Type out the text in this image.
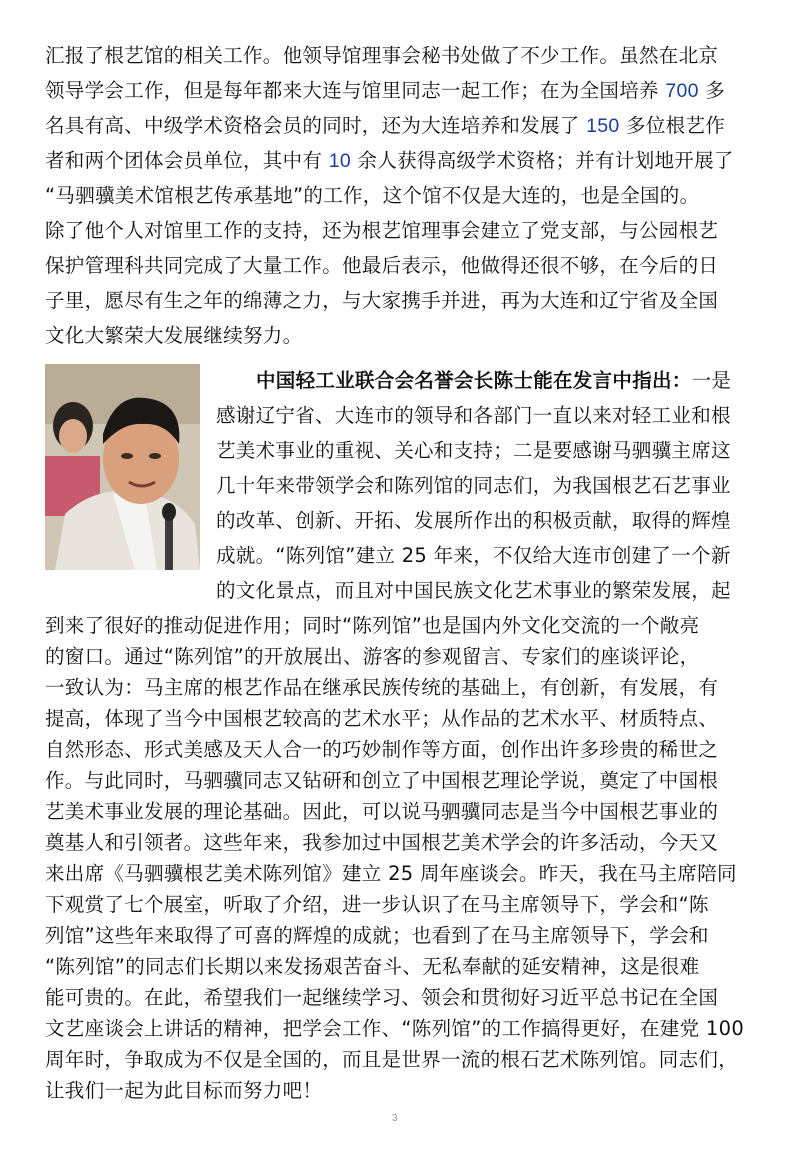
汇报了根艺馆的相关工作。他领导馆理事会秘书处做了不少工作。虽然在北京
领导学会工作，但是每年都来大连与馆里同志一起工作；在为全国培养 700 多
名具有高、中级学术资格会员的同时，还为大连培养和发展了 150 多位根艺作
者和两个团体会员单位，其中有 10 余人获得高级学术资格；并有计划地开展了
“马驷骥美术馆根艺传承基地”的工作，这个馆不仅是大连的，也是全国的。
除了他个人对馆里工作的支持，还为根艺馆理事会建立了党支部，与公园根艺
保护管理科共同完成了大量工作。他最后表示，他做得还很不够，在今后的日
子里，愿尽有生之年的绵薄之力，与大家携手并进，再为大连和辽宁省及全国
文化大繁荣大发展继续努力。
中国轻工业联合会名誉会长陈士能在发言中指出：一是
感谢辽宁省、大连市的领导和各部门一直以来对轻工业和根
艺美术事业的重视、关心和支持；二是要感谢马驷骥主席这
几十年来带领学会和陈列馆的同志们，为我国根艺石艺事业
的改革、创新、开拓、发展所作出的积极贡献，取得的辉煌
成就。“陈列馆”建立 25 年来，不仅给大连市创建了一个新
的文化景点，而且对中国民族文化艺术事业的繁荣发展，起
到来了很好的推动促进作用；同时“陈列馆”也是国内外文化交流的一个敞亮
的窗口。通过“陈列馆”的开放展出、游客的参观留言、专家们的座谈评论，
一致认为：马主席的根艺作品在继承民族传统的基础上，有创新，有发展，有
提高，体现了当今中国根艺较高的艺术水平；从作品的艺术水平、材质特点、
自然形态、形式美感及天人合一的巧妙制作等方面，创作出许多珍贵的稀世之
作。与此同时，马驷骥同志又钻研和创立了中国根艺理论学说，奠定了中国根
艺美术事业发展的理论基础。因此，可以说马驷骥同志是当今中国根艺事业的
奠基人和引领者。这些年来，我参加过中国根艺美术学会的许多活动，今天又
来出席《马驷骥根艺美术陈列馆》建立 25 周年座谈会。昨天，我在马主席陪同
下观赏了七个展室，听取了介绍，进一步认识了在马主席领导下，学会和“陈
列馆”这些年来取得了可喜的辉煌的成就；也看到了在马主席领导下，学会和
“陈列馆”的同志们长期以来发扬艰苦奋斗、无私奉献的延安精神，这是很难
能可贵的。在此，希望我们一起继续学习、领会和贯彻好习近平总书记在全国
文艺座谈会上讲话的精神，把学会工作、“陈列馆”的工作搞得更好，在建党 100
周年时，争取成为不仅是全国的，而且是世界一流的根石艺术陈列馆。同志们，
让我们一起为此目标而努力吧！
3
